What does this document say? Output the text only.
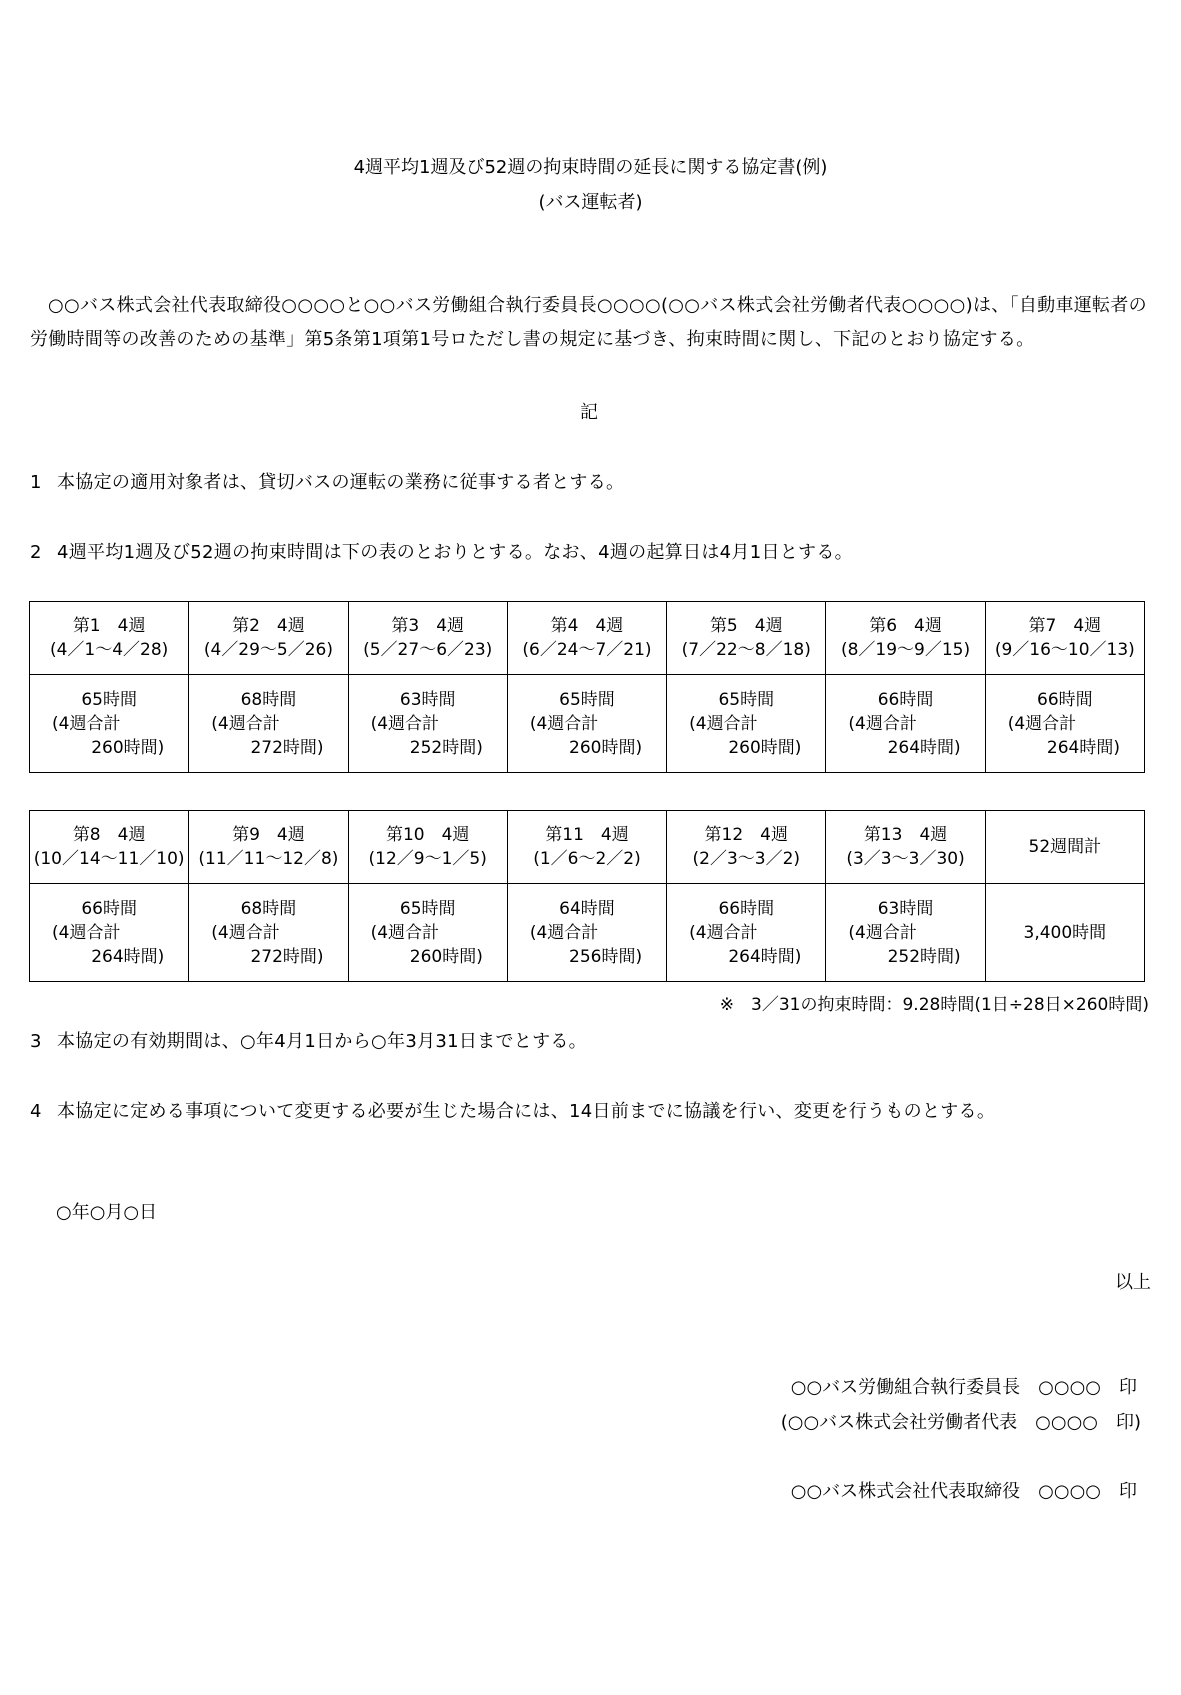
4週平均1週及び52週の拘束時間の延長に関する協定書(例)
(バス運転者)
○○バス株式会社代表取締役○○○○と○○バス労働組合執行委員長○○○○(○○バス株式会社労働者代表○○○○)は、「自動車運転者の労働時間等の改善のための基準」第5条第1項第1号ロただし書の規定に基づき、拘束時間に関し、下記のとおり協定する。
記
1 本協定の適用対象者は、貸切バスの運転の業務に従事する者とする。
2 4週平均1週及び52週の拘束時間は下の表のとおりとする。なお、4週の起算日は4月1日とする。
第1　4週
(4／1～4／28)	第2　4週
(4／29～5／26)	第3　4週
(5／27～6／23)	第4　4週
(6／24～7／21)	第5　4週
(7／22～8／18)	第6　4週
(8／19～9／15)	第7　4週
(9／16～10／13)

65時間
(4週合計
260時間)	68時間
(4週合計
272時間)	63時間
(4週合計
252時間)	65時間
(4週合計
260時間)	65時間
(4週合計
260時間)	66時間
(4週合計
264時間)	66時間
(4週合計
264時間)
第8　4週
(10／14～11／10)	第9　4週
(11／11～12／8)	第10　4週
(12／9～1／5)	第11　4週
(1／6～2／2)	第12　4週
(2／3～3／2)	第13　4週
(3／3～3／30)	52週間計

66時間
(4週合計
264時間)	68時間
(4週合計
272時間)	65時間
(4週合計
260時間)	64時間
(4週合計
256時間)	66時間
(4週合計
264時間)	63時間
(4週合計
252時間)	3,400時間
※　3／31の拘束時間：9.28時間(1日÷28日×260時間)
3 本協定の有効期間は、○年4月1日から○年3月31日までとする。
4 本協定に定める事項について変更する必要が生じた場合には、14日前までに協議を行い、変更を行うものとする。
○年○月○日
以上
○○バス労働組合執行委員長　○○○○　印
(○○バス株式会社労働者代表　○○○○　印)
○○バス株式会社代表取締役　○○○○　印
